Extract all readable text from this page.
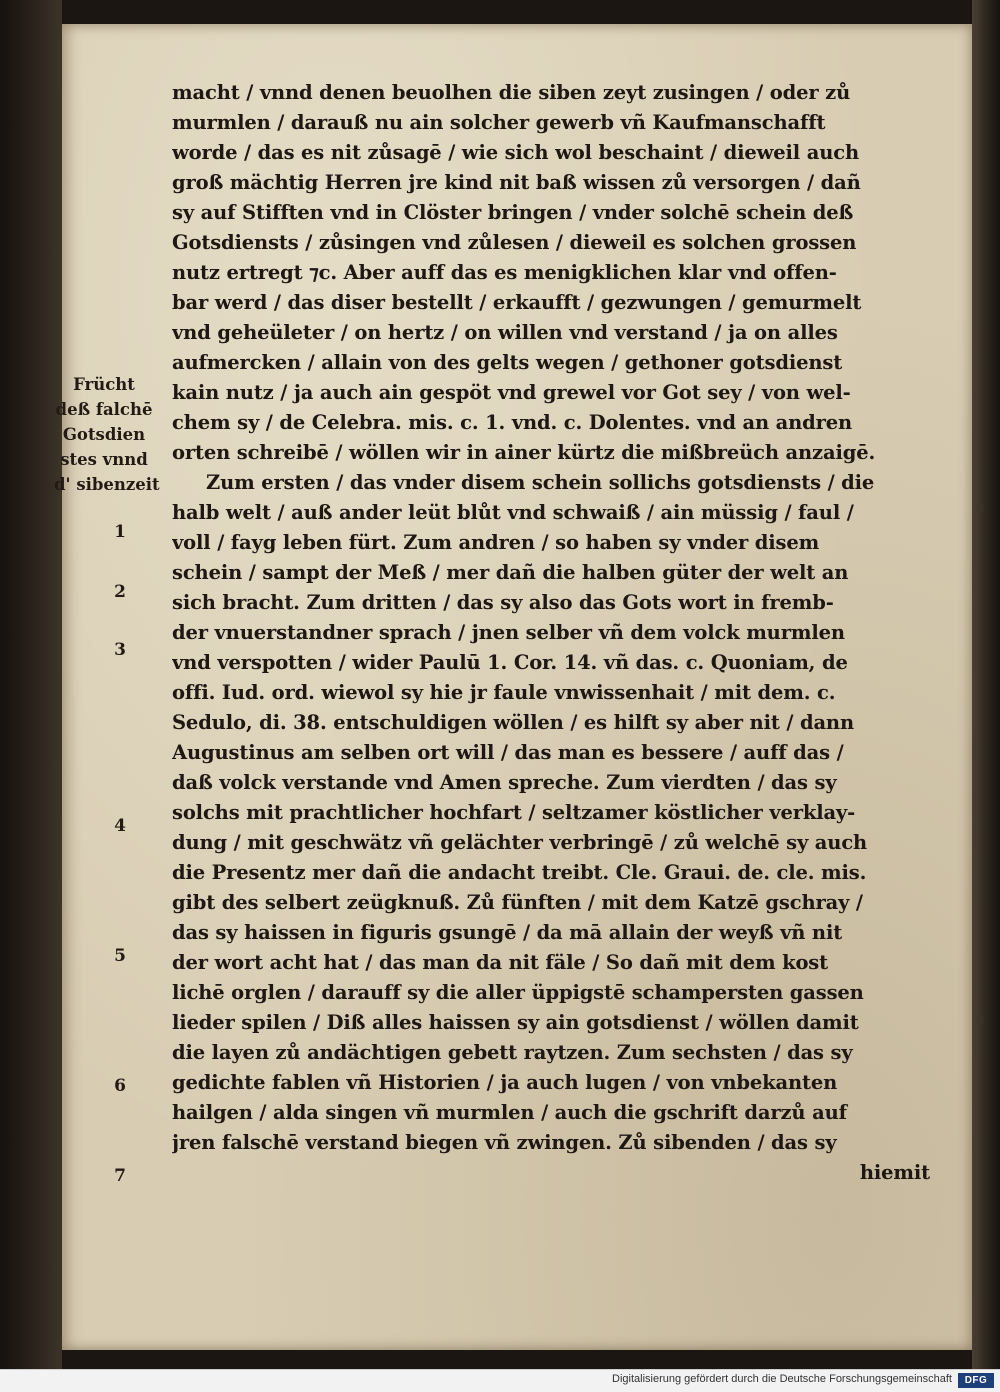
Frücht
deß falchē
Gotsdien
stes vnnd
d' sibenzeit
1
2
3
4
5
6
7
macht / vnnd denen beuolhen die siben zeyt zusingen / oder zů
murmlen / darauß nu ain solcher gewerb vñ Kaufmanschafft
worde / das es nit zůsagē / wie sich wol beschaint / dieweil auch
groß mächtig Herren jre kind nit baß wissen zů versorgen / dañ
sy auf Stifften vnd in Clöster bringen / vnder solchē schein deß
Gotsdiensts / zůsingen vnd zůlesen / dieweil es solchen grossen
nutz ertregt ⁊c. Aber auff das es menigklichen klar vnd offen-
bar werd / das diser bestellt / erkaufft / gezwungen / gemurmelt
vnd geheületer / on hertz / on willen vnd verstand / ja on alles
aufmercken / allain von des gelts wegen / gethoner gotsdienst
kain nutz / ja auch ain gespöt vnd grewel vor Got sey / von wel-
chem sy / de Celebra. mis. c. 1. vnd. c. Dolentes. vnd an andren
orten schreibē / wöllen wir in ainer kürtz die mißbreüch anzaigē.
Zum ersten / das vnder disem schein sollichs gotsdiensts / die
halb welt / auß ander leüt blůt vnd schwaiß / ain müssig / faul /
voll / fayg leben fürt. Zum andren / so haben sy vnder disem
schein / sampt der Meß / mer dañ die halben güter der welt an
sich bracht. Zum dritten / das sy also das Gots wort in fremb-
der vnuerstandner sprach / jnen selber vñ dem volck murmlen
vnd verspotten / wider Paulū 1. Cor. 14. vñ das. c. Quoniam, de
offi. Iud. ord. wiewol sy hie jr faule vnwissenhait / mit dem. c.
Sedulo, di. 38. entschuldigen wöllen / es hilft sy aber nit / dann
Augustinus am selben ort will / das man es bessere / auff das /
daß volck verstande vnd Amen spreche. Zum vierdten / das sy
solchs mit prachtlicher hochfart / seltzamer köstlicher verklay-
dung / mit geschwätz vñ gelächter verbringē / zů welchē sy auch
die Presentz mer dañ die andacht treibt. Cle. Graui. de. cle. mis.
gibt des selbert zeügknuß. Zů fünften / mit dem Katzē gschray /
das sy haissen in figuris gsungē / da mā allain der weyß vñ nit
der wort acht hat / das man da nit fäle / So dañ mit dem kost
lichē orglen / darauff sy die aller üppigstē schampersten gassen
lieder spilen / Diß alles haissen sy ain gotsdienst / wöllen damit
die layen zů andächtigen gebett raytzen. Zum sechsten / das sy
gedichte fablen vñ Historien / ja auch lugen / von vnbekanten
hailgen / alda singen vñ murmlen / auch die gschrift darzů auf
jren falschē verstand biegen vñ zwingen. Zů sibenden / das sy
hiemit
Digitalisierung gefördert durch die Deutsche Forschungsgemeinschaft	DFG
